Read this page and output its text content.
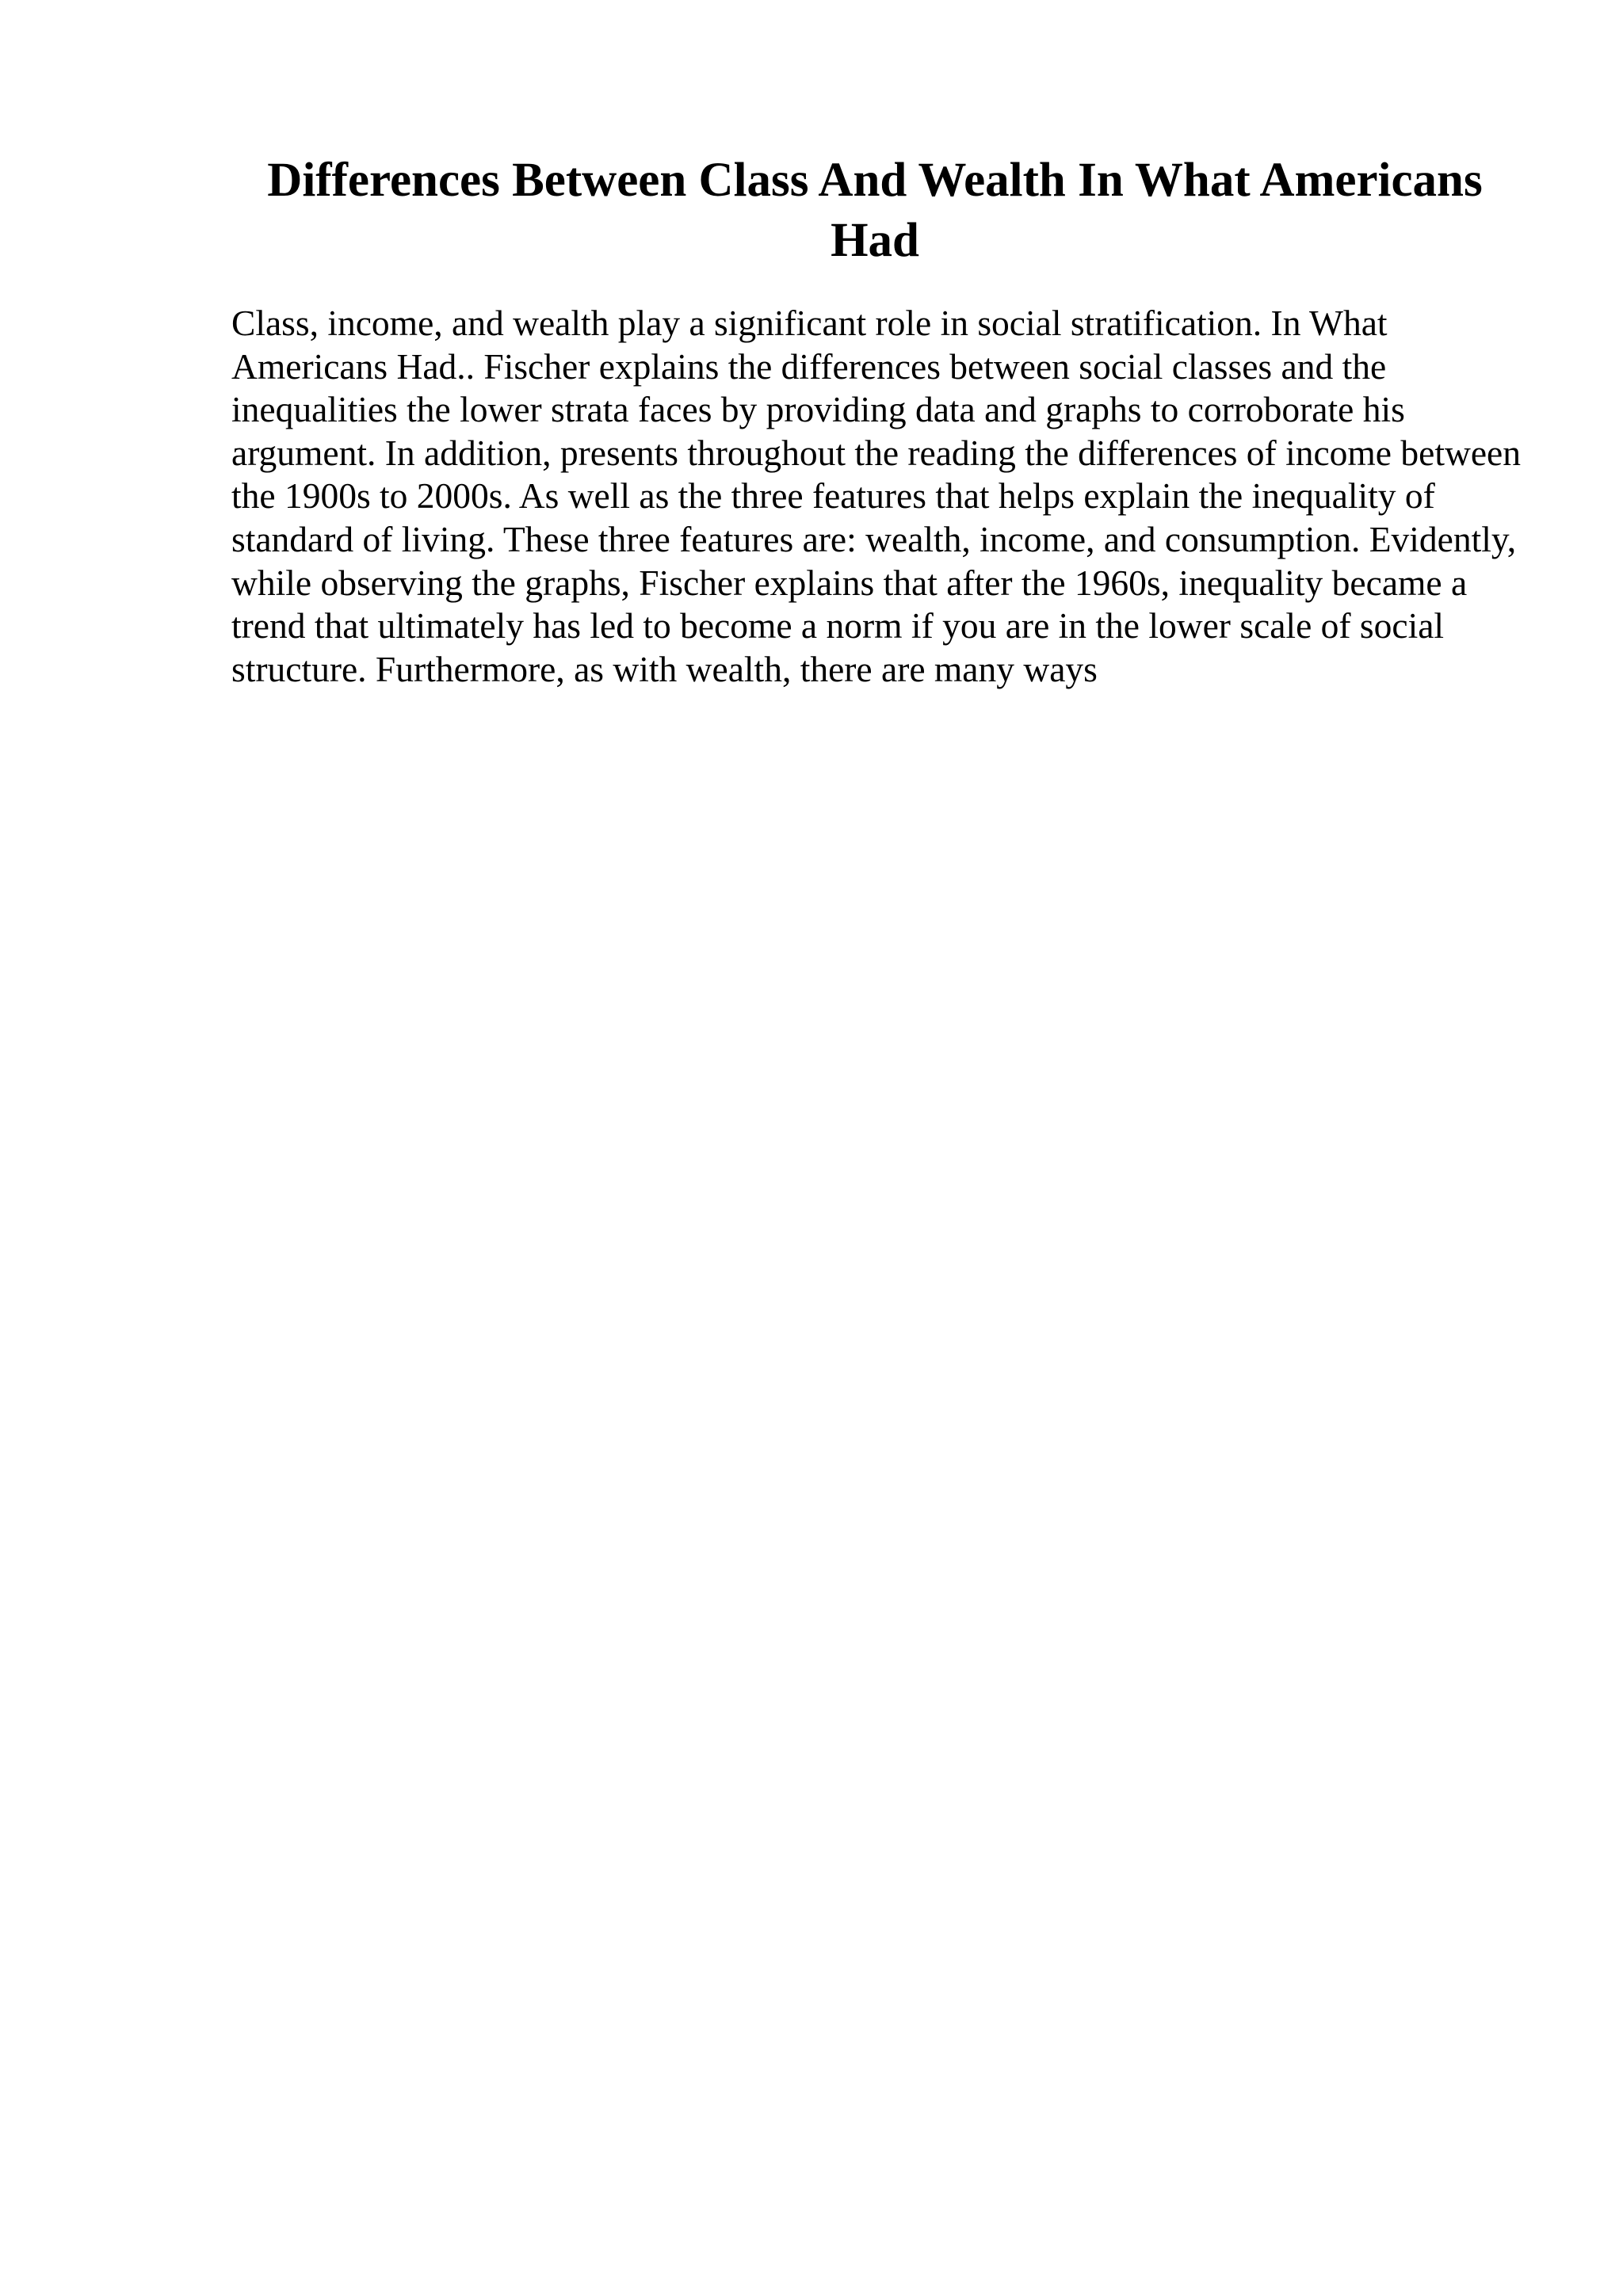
Differences Between Class And Wealth In What Americans Had

Class, income, and wealth play a significant role in social stratification. In What Americans Had.. Fischer explains the differences between social classes and the inequalities the lower strata faces by providing data and graphs to corroborate his argument. In addition, presents throughout the reading the differences of income between the 1900s to 2000s. As well as the three features that helps explain the inequality of standard of living. These three features are: wealth, income, and consumption. Evidently, while observing the graphs, Fischer explains that after the 1960s, inequality became a trend that ultimately has led to become a norm if you are in the lower scale of social structure. Furthermore, as with wealth, there are many ways
